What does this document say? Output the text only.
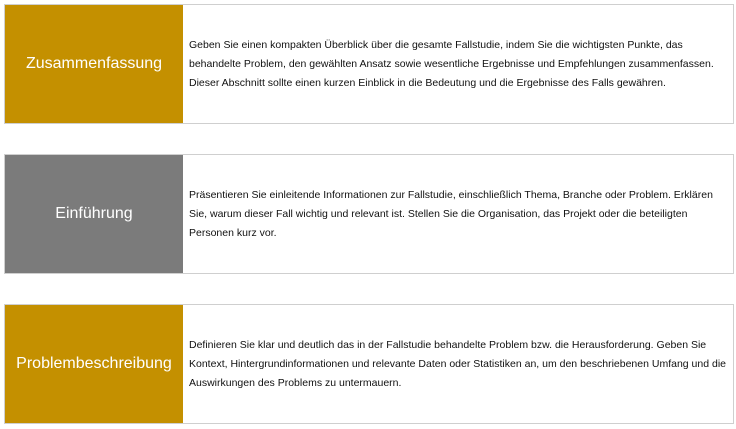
Zusammenfassung
Geben Sie einen kompakten Überblick über die gesamte Fallstudie, indem Sie die wichtigsten Punkte, das behandelte Problem, den gewählten Ansatz sowie wesentliche Ergebnisse und Empfehlungen zusammenfassen. Dieser Abschnitt sollte einen kurzen Einblick in die Bedeutung und die Ergebnisse des Falls gewähren.
Einführung
Präsentieren Sie einleitende Informationen zur Fallstudie, einschließlich Thema, Branche oder Problem. Erklären Sie, warum dieser Fall wichtig und relevant ist. Stellen Sie die Organisation, das Projekt oder die beteiligten Personen kurz vor.
Problembeschreibung
Definieren Sie klar und deutlich das in der Fallstudie behandelte Problem bzw. die Herausforderung. Geben Sie Kontext, Hintergrundinformationen und relevante Daten oder Statistiken an, um den beschriebenen Umfang und die Auswirkungen des Problems zu untermauern.
